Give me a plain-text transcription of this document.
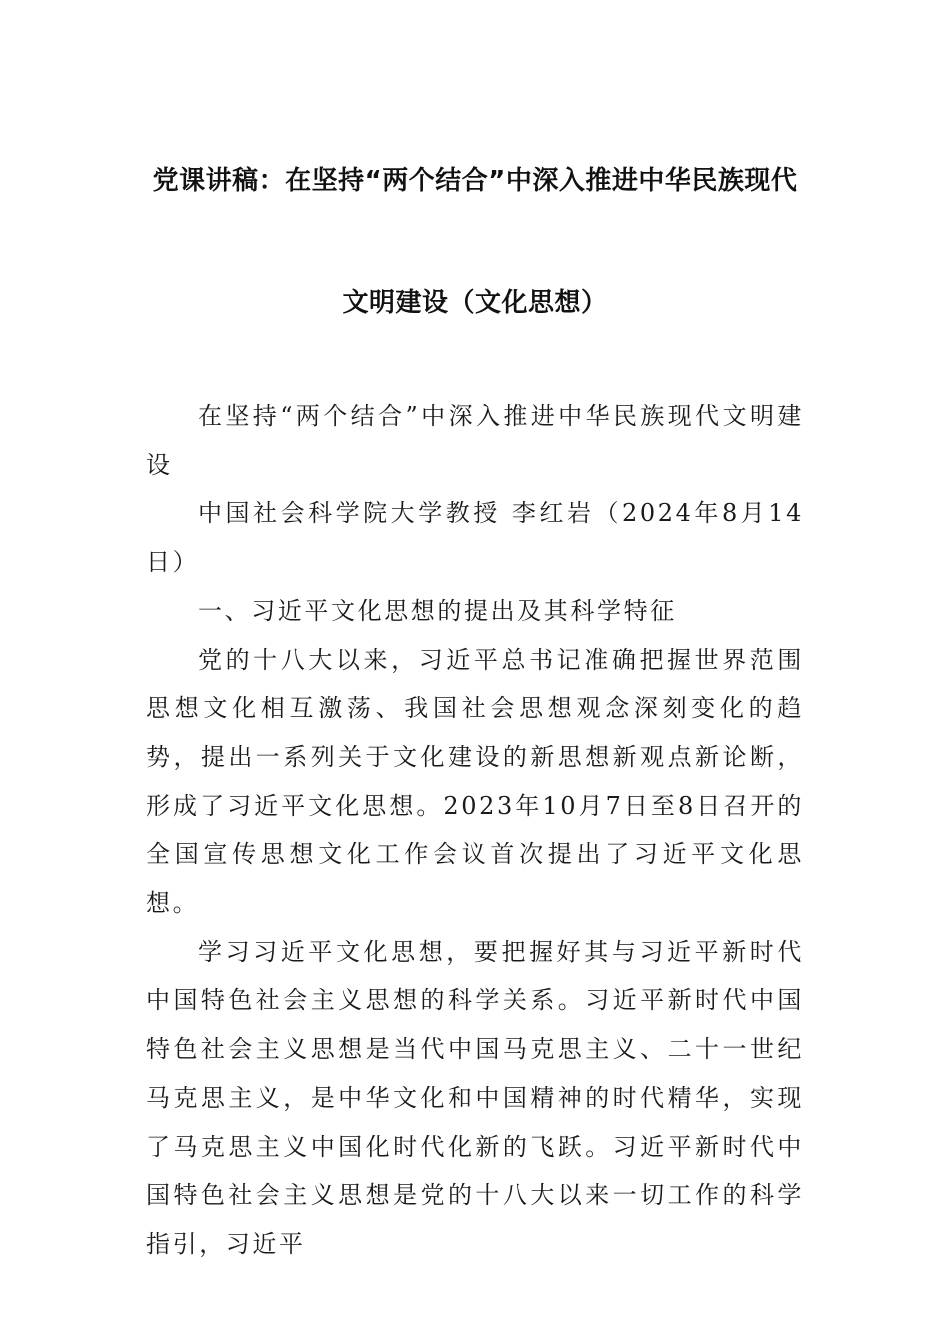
党课讲稿：在坚持“两个结合”中深入推进中华民族现代
文明建设（文化思想）

在坚持“两个结合”中深入推进中华民族现代文明建设

中国社会科学院大学教授 李红岩（2024年8月14日）

一、习近平文化思想的提出及其科学特征

党的十八大以来，习近平总书记准确把握世界范围思想文化相互激荡、我国社会思想观念深刻变化的趋势，提出一系列关于文化建设的新思想新观点新论断，形成了习近平文化思想。2023年10月7日至8日召开的全国宣传思想文化工作会议首次提出了习近平文化思想。

学习习近平文化思想，要把握好其与习近平新时代中国特色社会主义思想的科学关系。习近平新时代中国特色社会主义思想是当代中国马克思主义、二十一世纪马克思主义，是中华文化和中国精神的时代精华，实现了马克思主义中国化时代化新的飞跃。习近平新时代中国特色社会主义思想是党的十八大以来一切工作的科学指引，习近平
